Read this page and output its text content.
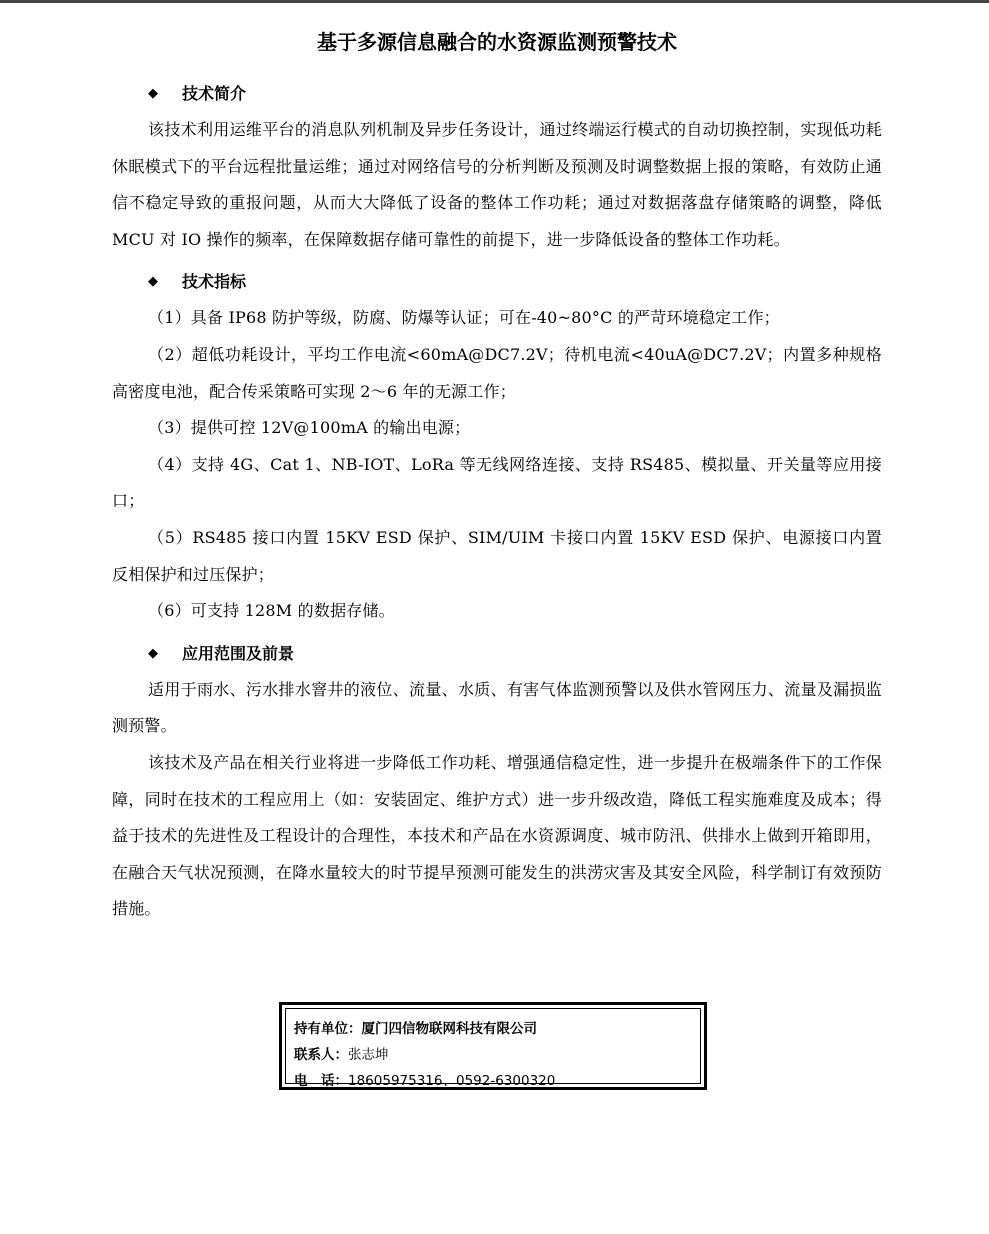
基于多源信息融合的水资源监测预警技术
◆ 技术简介

该技术利用运维平台的消息队列机制及异步任务设计，通过终端运行模式的自动切换控制，实现低功耗休眠模式下的平台远程批量运维；通过对网络信号的分析判断及预测及时调整数据上报的策略，有效防止通信不稳定导致的重报问题，从而大大降低了设备的整体工作功耗；通过对数据落盘存储策略的调整，降低 MCU 对 IO 操作的频率，在保障数据存储可靠性的前提下，进一步降低设备的整体工作功耗。

◆ 技术指标

（1）具备 IP68 防护等级，防腐、防爆等认证；可在-40~80°C 的严苛环境稳定工作；

（2）超低功耗设计，平均工作电流<60mA@DC7.2V；待机电流<40uA@DC7.2V；内置多种规格高密度电池，配合传采策略可实现 2～6 年的无源工作；

（3）提供可控 12V@100mA 的输出电源；

（4）支持 4G、Cat 1、NB-IOT、LoRa 等无线网络连接、支持 RS485、模拟量、开关量等应用接口；

（5）RS485 接口内置 15KV ESD 保护、SIM/UIM 卡接口内置 15KV ESD 保护、电源接口内置反相保护和过压保护；

（6）可支持 128M 的数据存储。

◆ 应用范围及前景

适用于雨水、污水排水窨井的液位、流量、水质、有害气体监测预警以及供水管网压力、流量及漏损监测预警。

该技术及产品在相关行业将进一步降低工作功耗、增强通信稳定性，进一步提升在极端条件下的工作保障，同时在技术的工程应用上（如：安装固定、维护方式）进一步升级改造，降低工程实施难度及成本；得益于技术的先进性及工程设计的合理性，本技术和产品在水资源调度、城市防汛、供排水上做到开箱即用，在融合天气状况预测，在降水量较大的时节提早预测可能发生的洪涝灾害及其安全风险，科学制订有效预防措施。

持有单位：厦门四信物联网科技有限公司
联系人：张志坤
电　话：18605975316、0592-6300320
